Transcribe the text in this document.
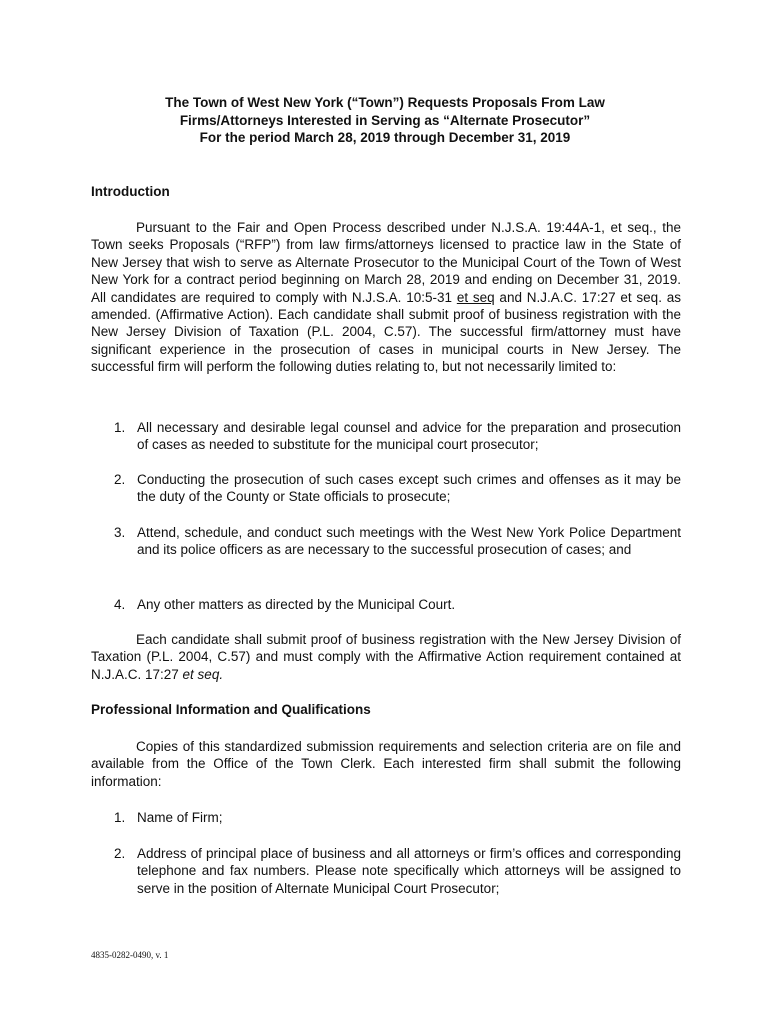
The Town of West New York (“Town”) Requests Proposals From Law
Firms/Attorneys Interested in Serving as “Alternate Prosecutor”
For the period March 28, 2019 through December 31, 2019
Introduction
Pursuant to the Fair and Open Process described under N.J.S.A. 19:44A-1, et seq., the Town seeks Proposals (“RFP”) from law firms/attorneys licensed to practice law in the State of New Jersey that wish to serve as Alternate Prosecutor to the Municipal Court of the Town of West New York for a contract period beginning on March 28, 2019 and ending on December 31, 2019. All candidates are required to comply with N.J.S.A. 10:5-31 et seq and N.J.A.C. 17:27 et seq. as amended. (Affirmative Action). Each candidate shall submit proof of business registration with the New Jersey Division of Taxation (P.L. 2004, C.57). The successful firm/attorney must have significant experience in the prosecution of cases in municipal courts in New Jersey. The successful firm will perform the following duties relating to, but not necessarily limited to:
1. All necessary and desirable legal counsel and advice for the preparation and prosecution of cases as needed to substitute for the municipal court prosecutor;
2. Conducting the prosecution of such cases except such crimes and offenses as it may be the duty of the County or State officials to prosecute;
3. Attend, schedule, and conduct such meetings with the West New York Police Department and its police officers as are necessary to the successful prosecution of cases; and
4. Any other matters as directed by the Municipal Court.
Each candidate shall submit proof of business registration with the New Jersey Division of Taxation (P.L. 2004, C.57) and must comply with the Affirmative Action requirement contained at N.J.A.C. 17:27 et seq.
Professional Information and Qualifications
Copies of this standardized submission requirements and selection criteria are on file and available from the Office of the Town Clerk. Each interested firm shall submit the following information:
1. Name of Firm;
2. Address of principal place of business and all attorneys or firm’s offices and corresponding telephone and fax numbers. Please note specifically which attorneys will be assigned to serve in the position of Alternate Municipal Court Prosecutor;
4835-0282-0490, v. 1
